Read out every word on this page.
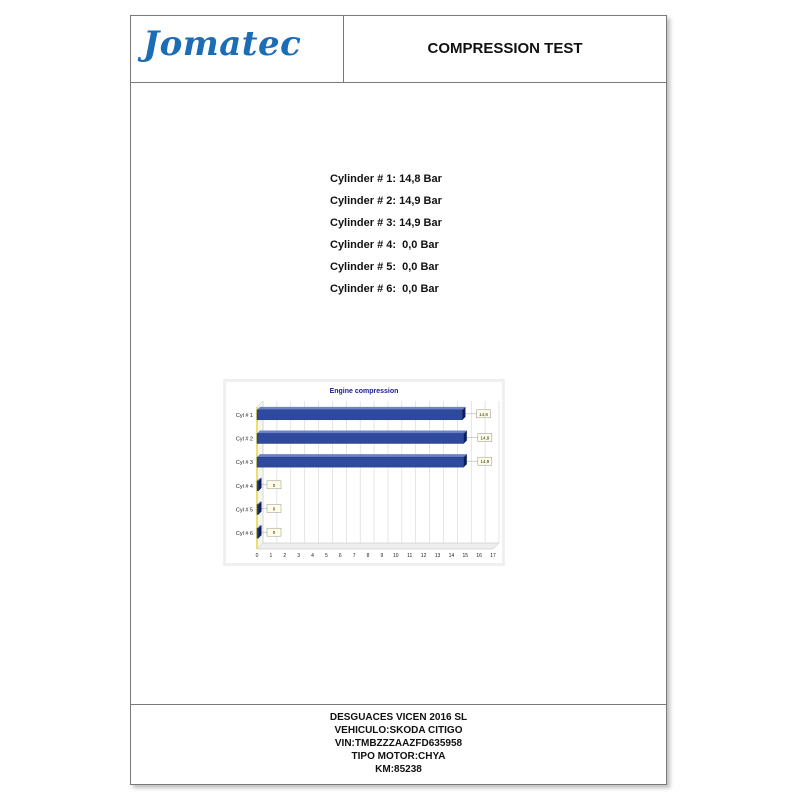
Jomatec	COMPRESSION TEST
Cylinder # 1: 14,8 Bar
Cylinder # 2: 14,9 Bar
Cylinder # 3: 14,9 Bar
Cylinder # 4:  0,0 Bar
Cylinder # 5:  0,0 Bar
Cylinder # 6:  0,0 Bar
Engine compression
Cyl # 1	14,8
Cyl # 2	14,9
Cyl # 3	14,9
Cyl # 4	0
Cyl # 5	0
Cyl # 6	0
0 1 2 3 4 5 6 7 8 9 10 11 12 13 14 15 16 17
DESGUACES VICEN 2016 SL
VEHICULO:SKODA CITIGO
VIN:TMBZZZAAZFD635958
TIPO MOTOR:CHYA
KM:85238
